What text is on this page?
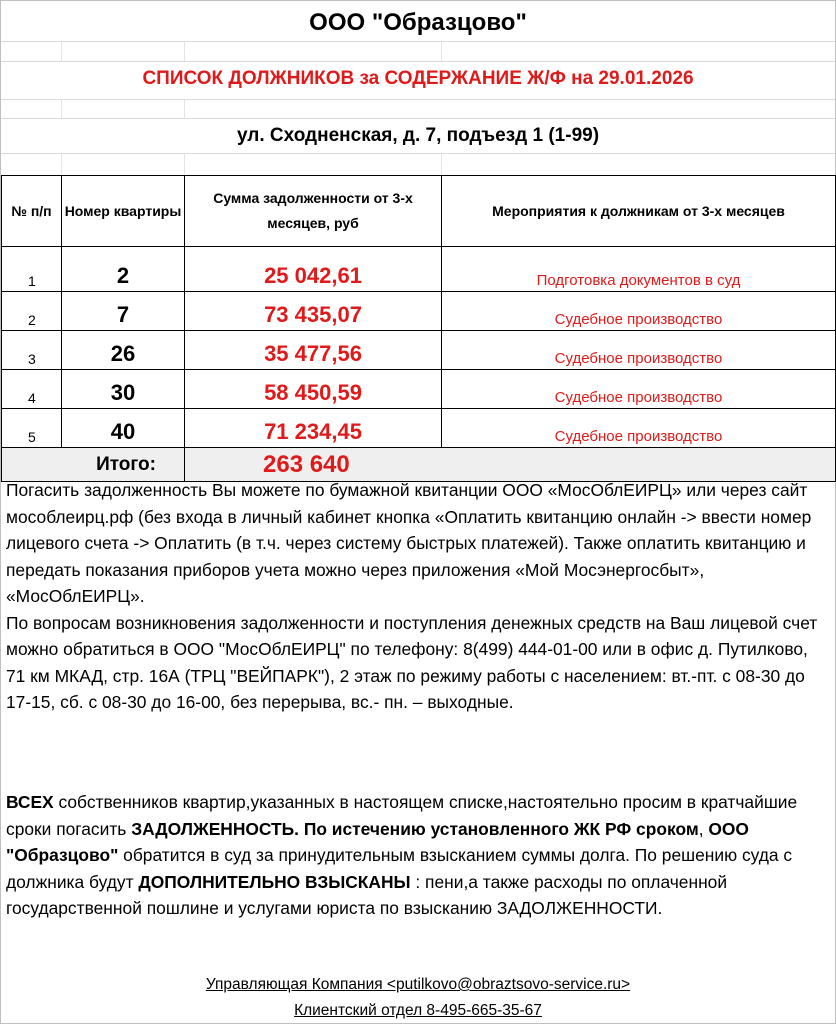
ООО "Образцово"
СПИСОК ДОЛЖНИКОВ за СОДЕРЖАНИЕ Ж/Ф на 29.01.2026
ул. Сходненская, д. 7, подъезд 1 (1-99)
№ п/п	Номер квартиры	Сумма задолженности от 3-х месяцев, руб	Мероприятия к должникам от 3-х месяцев
1	2	25 042,61	Подготовка документов в суд
2	7	73 435,07	Судебное производство
3	26	35 477,56	Судебное производство
4	30	58 450,59	Судебное производство
5	40	71 234,45	Судебное производство
Итого:		263 640	
Погасить задолженность Вы можете по бумажной квитанции ООО «МосОблЕИРЦ» или через сайт мособлеирц.рф (без входа в личный кабинет кнопка «Оплатить квитанцию онлайн -> ввести номер лицевого счета -> Оплатить (в т.ч. через систему быстрых платежей). Также оплатить квитанцию и передать показания приборов учета можно через приложения «Мой Мосэнергосбыт», «МосОблЕИРЦ».
По вопросам возникновения задолженности и поступления денежных средств на Ваш лицевой счет можно обратиться в ООО "МосОблЕИРЦ" по телефону: 8(499) 444-01-00 или в офис д. Путилково, 71 км МКАД, стр. 16А (ТРЦ "ВЕЙПАРК"), 2 этаж по режиму работы с населением: вт.-пт. с 08-30 до 17-15, сб. с 08-30 до 16-00, без перерыва, вс.- пн. – выходные.
ВСЕХ собственников квартир,указанных в настоящем списке,настоятельно просим в кратчайшие сроки погасить ЗАДОЛЖЕННОСТЬ. По истечению установленного ЖК РФ сроком, ООО "Образцово" обратится в суд за принудительным взысканием суммы долга. По решению суда с должника будут ДОПОЛНИТЕЛЬНО ВЗЫСКАНЫ : пени,а также расходы по оплаченной государственной пошлине и услугами юриста по взысканию ЗАДОЛЖЕННОСТИ.
Управляющая Компания <putilkovo@obraztsovo-service.ru>
Клиентский отдел 8-495-665-35-67
